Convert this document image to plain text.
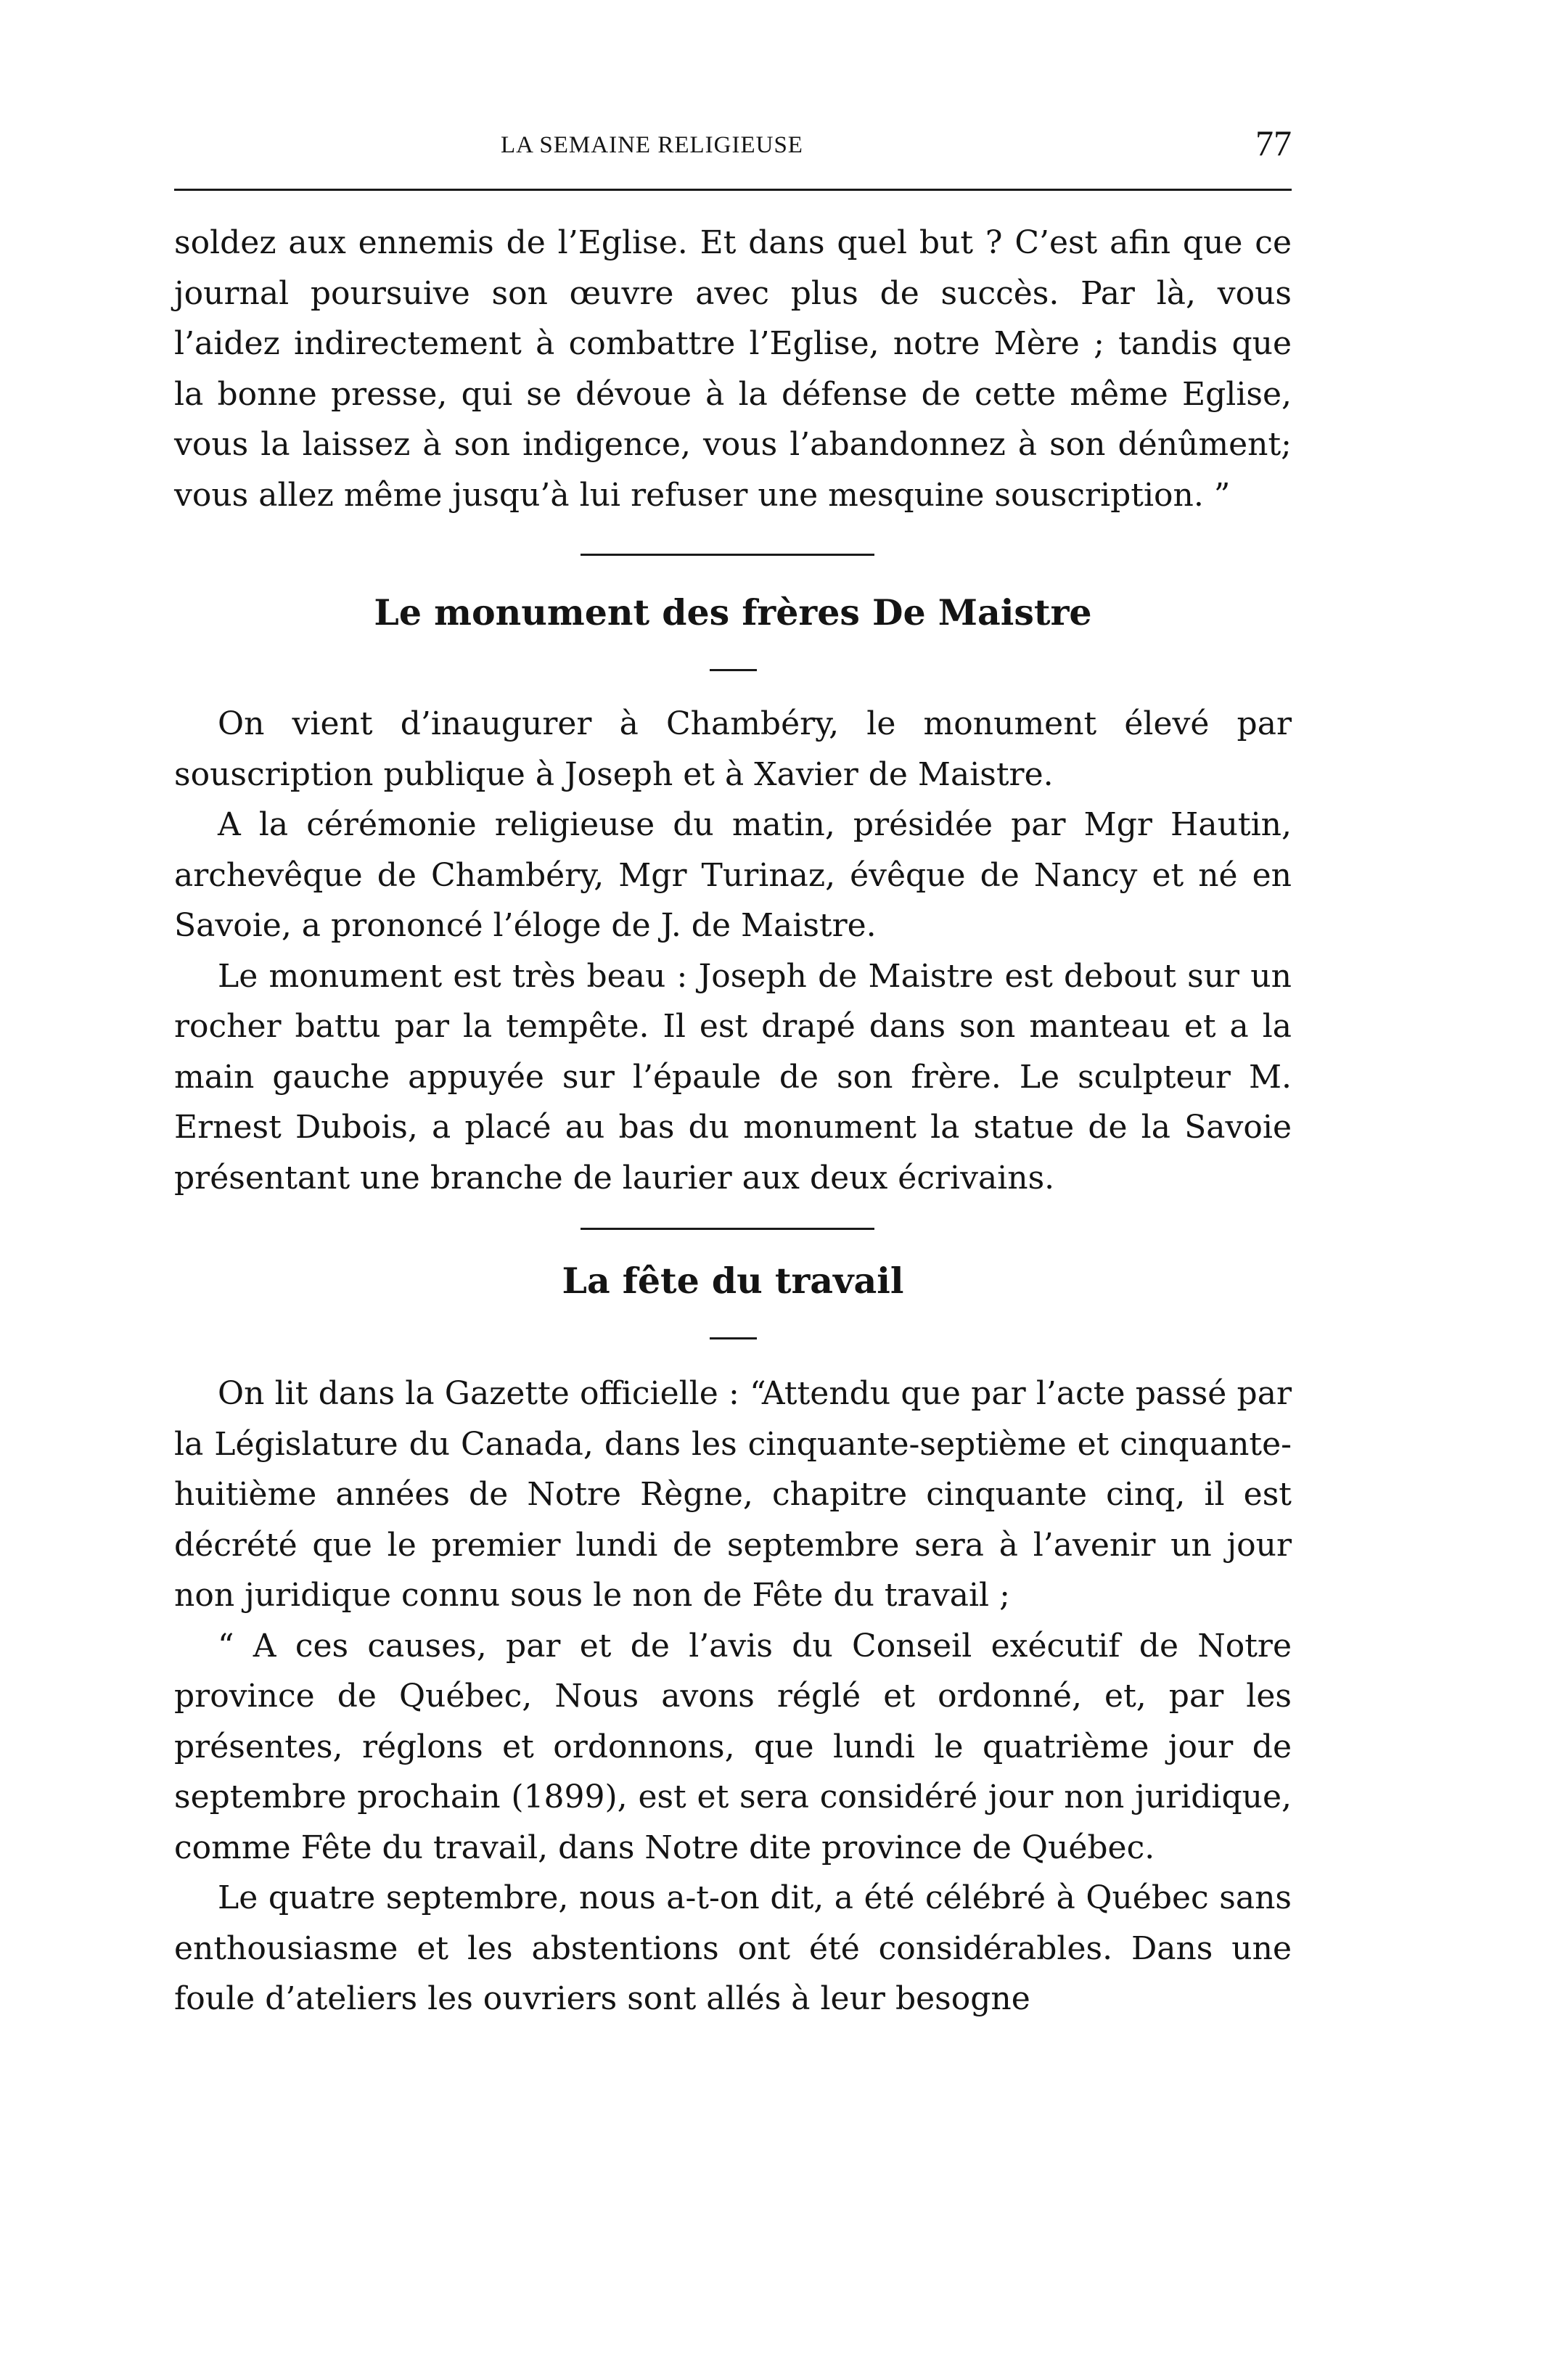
LA SEMAINE RELIGIEUSE	77

soldez aux ennemis de l’Eglise. Et dans quel but ? C’est afin que ce journal poursuive son œuvre avec plus de succès. Par là, vous l’aidez indirectement à combattre l’Eglise, notre Mère ; tandis que la bonne presse, qui se dévoue à la défense de cette même Eglise, vous la laissez à son indigence, vous l’abandonnez à son dénûment; vous allez même jusqu’à lui refuser une mesquine souscription. ”

Le monument des frères De Maistre

On vient d’inaugurer à Chambéry, le monument élevé par souscription publique à Joseph et à Xavier de Maistre.

A la cérémonie religieuse du matin, présidée par Mgr Hautin, archevêque de Chambéry, Mgr Turinaz, évêque de Nancy et né en Savoie, a prononcé l’éloge de J. de Maistre.

Le monument est très beau : Joseph de Maistre est debout sur un rocher battu par la tempête. Il est drapé dans son manteau et a la main gauche appuyée sur l’épaule de son frère. Le sculpteur M. Ernest Dubois, a placé au bas du monument la statue de la Savoie présentant une branche de laurier aux deux écrivains.

La fête du travail

On lit dans la Gazette officielle : “Attendu que par l’acte passé par la Législature du Canada, dans les cinquante-septième et cinquante-huitième années de Notre Règne, chapitre cinquante cinq, il est décrété que le premier lundi de septembre sera à l’avenir un jour non juridique connu sous le non de Fête du travail ;

“ A ces causes, par et de l’avis du Conseil exécutif de Notre province de Québec, Nous avons réglé et ordonné, et, par les présentes, réglons et ordonnons, que lundi le quatrième jour de septembre prochain (1899), est et sera considéré jour non juridique, comme Fête du travail, dans Notre dite province de Québec.

Le quatre septembre, nous a-t-on dit, a été célébré à Québec sans enthousiasme et les abstentions ont été considérables. Dans une foule d’ateliers les ouvriers sont allés à leur besogne
